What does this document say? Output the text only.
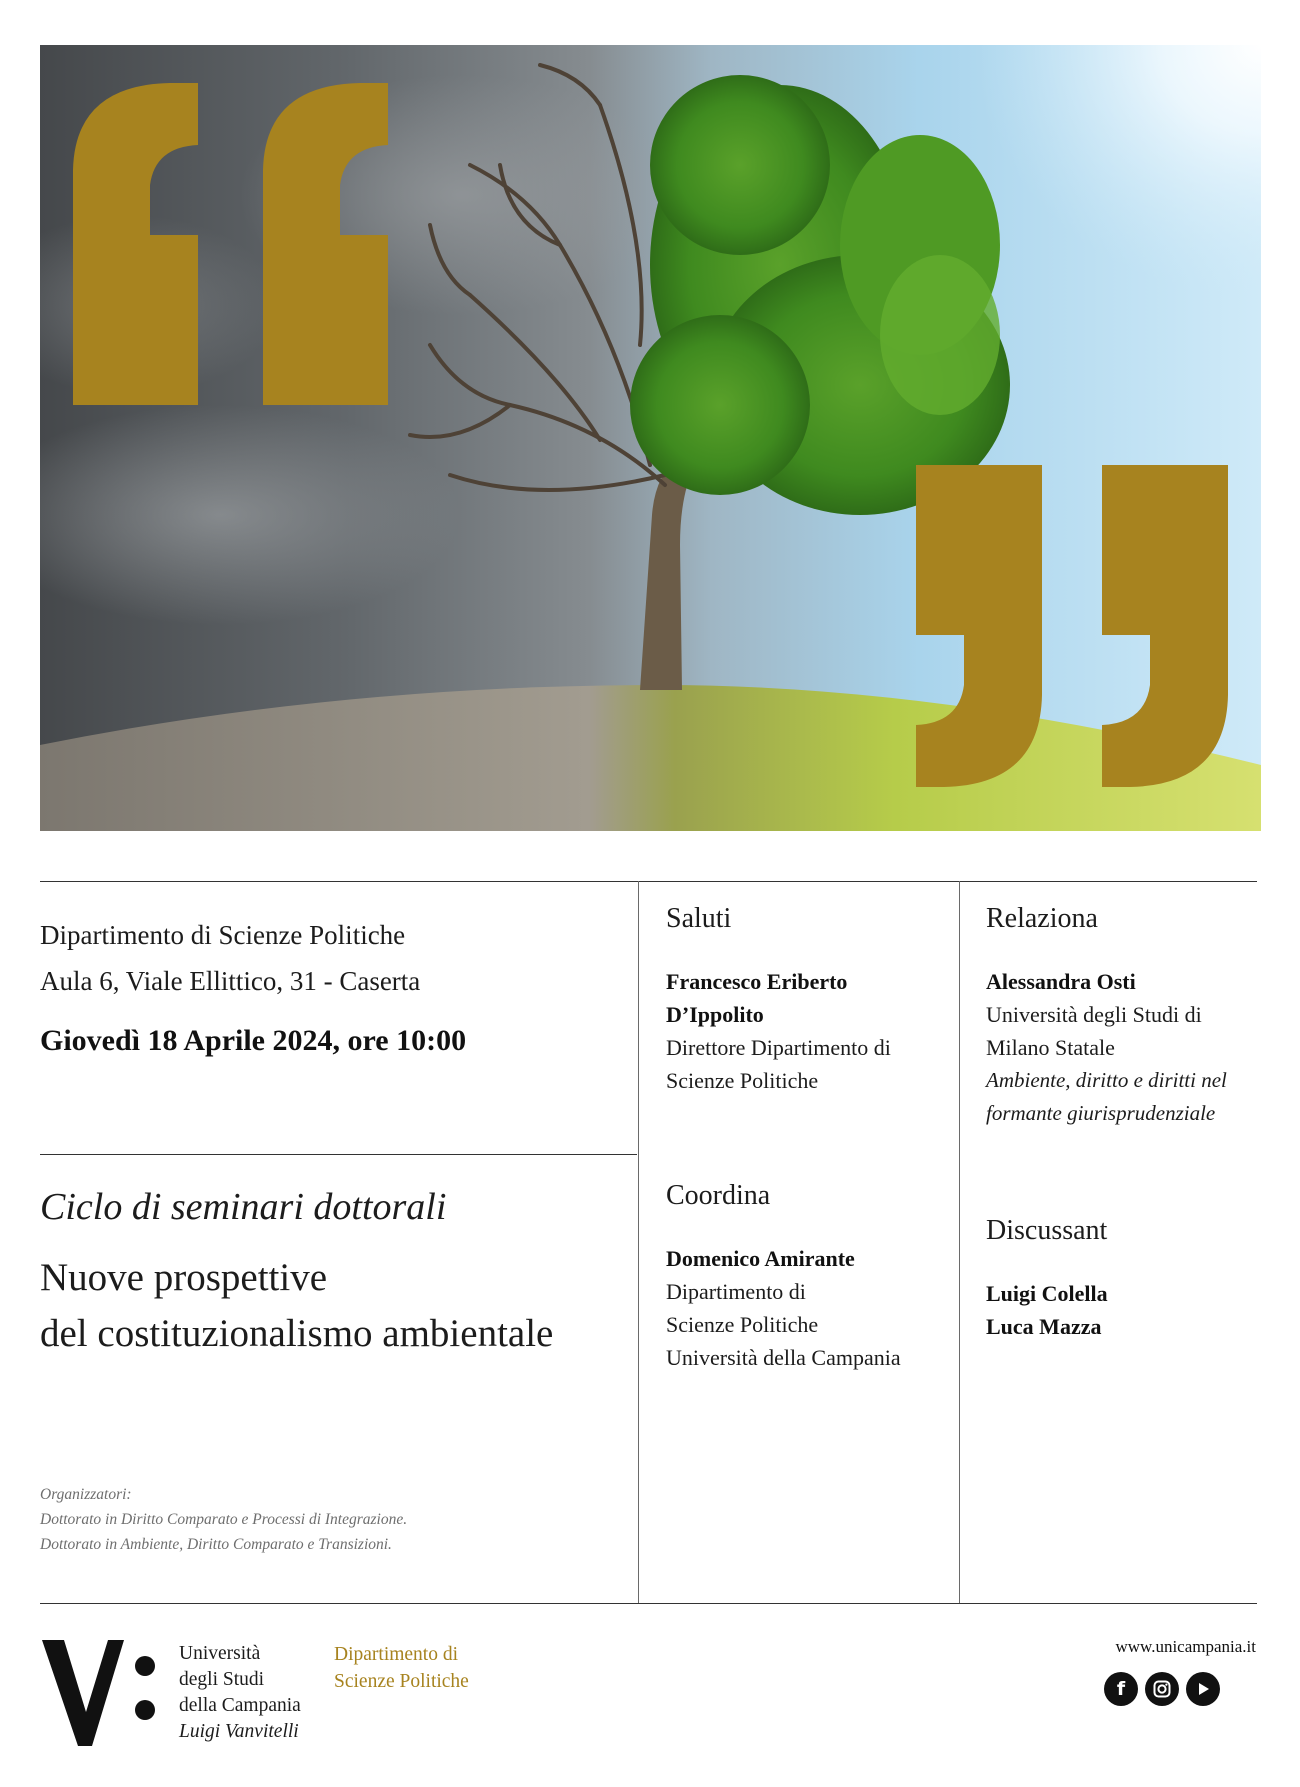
Dipartimento di Scienze Politiche
Aula 6, Viale Ellittico, 31 - Caserta
Giovedì 18 Aprile 2024, ore 10:00
Ciclo di seminari dottorali
Nuove prospettive
del costituzionalismo ambientale
Organizzatori:
Dottorato in Diritto Comparato e Processi di Integrazione.
Dottorato in Ambiente, Diritto Comparato e Transizioni.
Saluti
Francesco Eriberto
D’Ippolito
Direttore Dipartimento di
Scienze Politiche
Coordina
Domenico Amirante
Dipartimento di
Scienze Politiche
Università della Campania
Relaziona
Alessandra Osti
Università degli Studi di
Milano Statale
Ambiente, diritto e diritti nel
formante giurisprudenziale
Discussant
Luigi Colella
Luca Mazza
Università
degli Studi
della Campania
Luigi Vanvitelli
Dipartimento di
Scienze Politiche
www.unicampania.it
f
